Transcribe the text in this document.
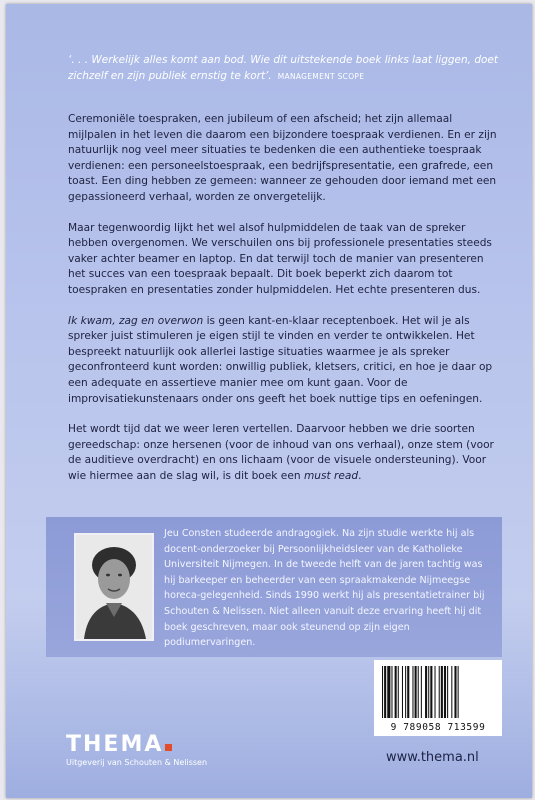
‘. . . Werkelijk alles komt aan bod. Wie dit uitstekende boek links laat liggen, doet zichzelf en zijn publiek ernstig te kort’. MANAGEMENT SCOPE

Ceremoniële toespraken, een jubileum of een afscheid; het zijn allemaal mijlpalen in het leven die daarom een bijzondere toespraak verdienen. En er zijn natuurlijk nog veel meer situaties te bedenken die een authentieke toespraak verdienen: een personeelstoespraak, een bedrijfspresentatie, een grafrede, een toast. Een ding hebben ze gemeen: wanneer ze gehouden door iemand met een gepassioneerd verhaal, worden ze onvergetelijk.

Maar tegenwoordig lijkt het wel alsof hulpmiddelen de taak van de spreker hebben overgenomen. We verschuilen ons bij professionele presentaties steeds vaker achter beamer en laptop. En dat terwijl toch de manier van presenteren het succes van een toespraak bepaalt. Dit boek beperkt zich daarom tot toespraken en presentaties zonder hulpmiddelen. Het echte presenteren dus.

Ik kwam, zag en overwon is geen kant-en-klaar receptenboek. Het wil je als spreker juist stimuleren je eigen stijl te vinden en verder te ontwikkelen. Het bespreekt natuurlijk ook allerlei lastige situaties waarmee je als spreker geconfronteerd kunt worden: onwillig publiek, kletsers, critici, en hoe je daar op een adequate en assertieve manier mee om kunt gaan. Voor de improvisatiekunstenaars onder ons geeft het boek nuttige tips en oefeningen.

Het wordt tijd dat we weer leren vertellen. Daarvoor hebben we drie soorten gereedschap: onze hersenen (voor de inhoud van ons verhaal), onze stem (voor de auditieve overdracht) en ons lichaam (voor de visuele ondersteuning). Voor wie hiermee aan de slag wil, is dit boek een must read.

Jeu Consten studeerde andragogiek. Na zijn studie werkte hij als docent-onderzoeker bij Persoonlijkheidsleer van de Katholieke Universiteit Nijmegen. In de tweede helft van de jaren tachtig was hij barkeeper en beheerder van een spraakmakende Nijmeegse horeca-gelegenheid. Sinds 1990 werkt hij als presentatietrainer bij Schouten & Nelissen. Niet alleen vanuit deze ervaring heeft hij dit boek geschreven, maar ook steunend op zijn eigen podiumervaringen.

9 789058 713599
THEMA
Uitgeverij van Schouten & Nelissen	www.thema.nl
